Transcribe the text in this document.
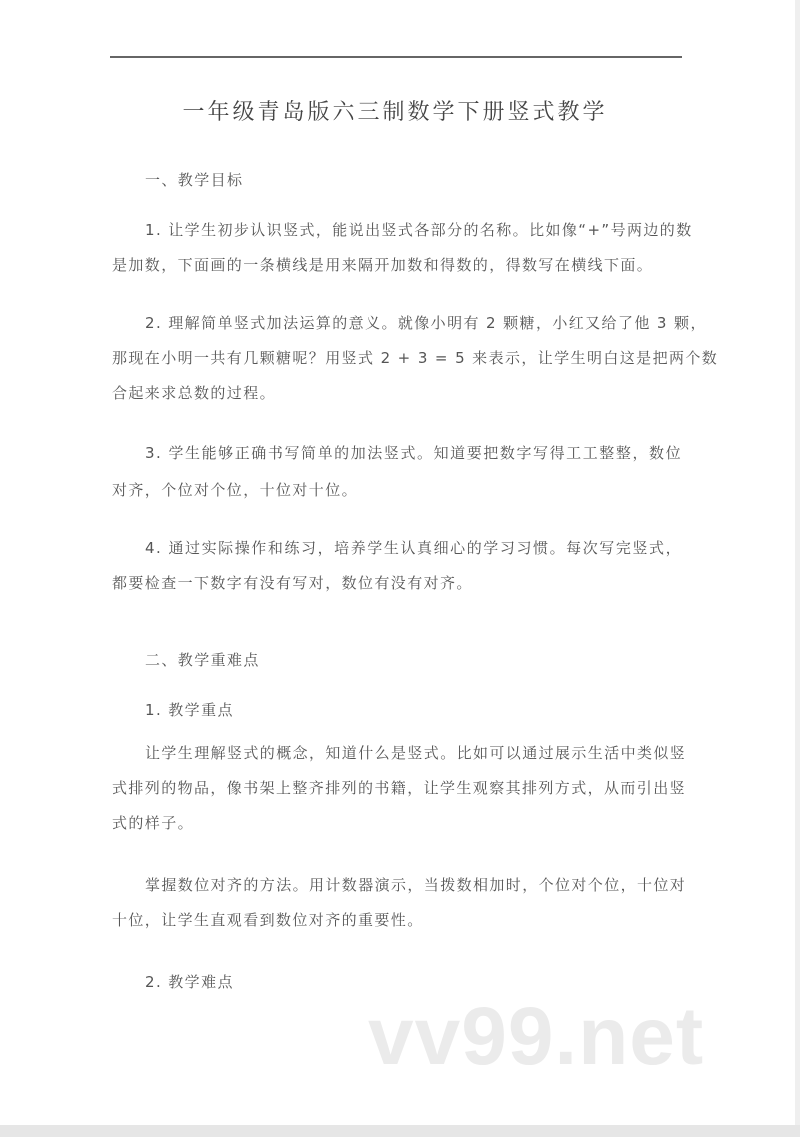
一年级青岛版六三制数学下册竖式教学
一、教学目标
1. 让学生初步认识竖式，能说出竖式各部分的名称。比如像“+”号两边的数
是加数，下面画的一条横线是用来隔开加数和得数的，得数写在横线下面。
2. 理解简单竖式加法运算的意义。就像小明有 2 颗糖，小红又给了他 3 颗，
那现在小明一共有几颗糖呢？用竖式 2 + 3 = 5 来表示，让学生明白这是把两个数
合起来求总数的过程。
3. 学生能够正确书写简单的加法竖式。知道要把数字写得工工整整，数位
对齐，个位对个位，十位对十位。
4. 通过实际操作和练习，培养学生认真细心的学习习惯。每次写完竖式，
都要检查一下数字有没有写对，数位有没有对齐。
二、教学重难点
1. 教学重点
让学生理解竖式的概念，知道什么是竖式。比如可以通过展示生活中类似竖
式排列的物品，像书架上整齐排列的书籍，让学生观察其排列方式，从而引出竖
式的样子。
掌握数位对齐的方法。用计数器演示，当拨数相加时，个位对个位，十位对
十位，让学生直观看到数位对齐的重要性。
2. 教学难点
vv99.net
